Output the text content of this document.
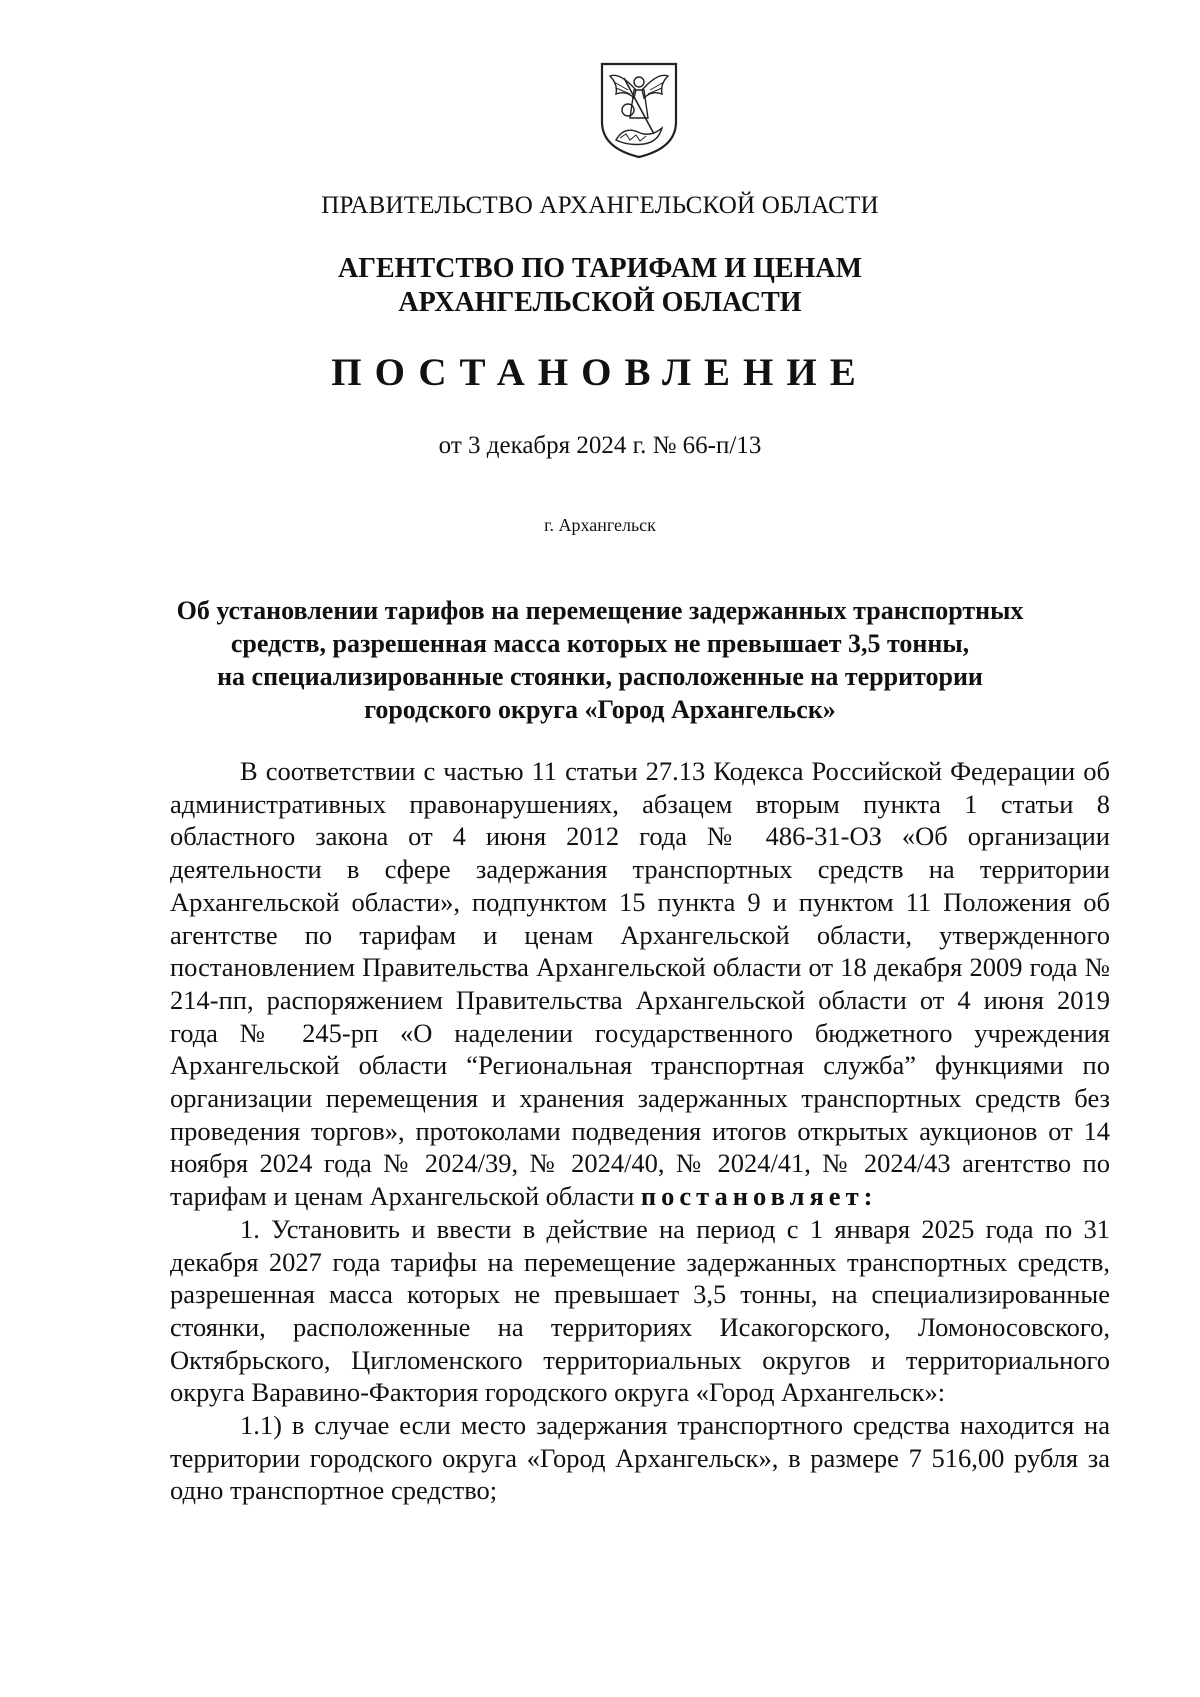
ПРАВИТЕЛЬСТВО АРХАНГЕЛЬСКОЙ ОБЛАСТИ
АГЕНТСТВО ПО ТАРИФАМ И ЦЕНАМ
АРХАНГЕЛЬСКОЙ ОБЛАСТИ
ПОСТАНОВЛЕНИЕ
от 3 декабря 2024 г. № 66-п/13
г. Архангельск
Об установлении тарифов на перемещение задержанных транспортных
средств, разрешенная масса которых не превышает 3,5 тонны,
на специализированные стоянки, расположенные на территории
городского округа «Город Архангельск»

В соответствии с частью 11 статьи 27.13 Кодекса Российской Федерации об административных правонарушениях, абзацем вторым пункта 1 статьи 8 областного закона от 4 июня 2012 года № 486-31-ОЗ «Об организации деятельности в сфере задержания транспортных средств на территории Архангельской области», подпунктом 15 пункта 9 и пунктом 11 Положения об агентстве по тарифам и ценам Архангельской области, утвержденного постановлением Правительства Архангельской области от 18 декабря 2009 года № 214-пп, распоряжением Правительства Архангельской области от 4 июня 2019 года № 245-рп «О наделении государственного бюджетного учреждения Архангельской области “Региональная транспортная служба” функциями по организации перемещения и хранения задержанных транспортных средств без проведения торгов», протоколами подведения итогов открытых аукционов от 14 ноября 2024 года № 2024/39, № 2024/40, № 2024/41, № 2024/43 агентство по тарифам и ценам Архангельской области постановляет:

1. Установить и ввести в действие на период с 1 января 2025 года по 31 декабря 2027 года тарифы на перемещение задержанных транспортных средств, разрешенная масса которых не превышает 3,5 тонны, на специализированные стоянки, расположенные на территориях Исакогорского, Ломоносовского, Октябрьского, Цигломенского территориальных округов и территориального округа Варавино-Фактория городского округа «Город Архангельск»:

1.1) в случае если место задержания транспортного средства находится на территории городского округа «Город Архангельск», в размере 7 516,00 рубля за одно транспортное средство;
